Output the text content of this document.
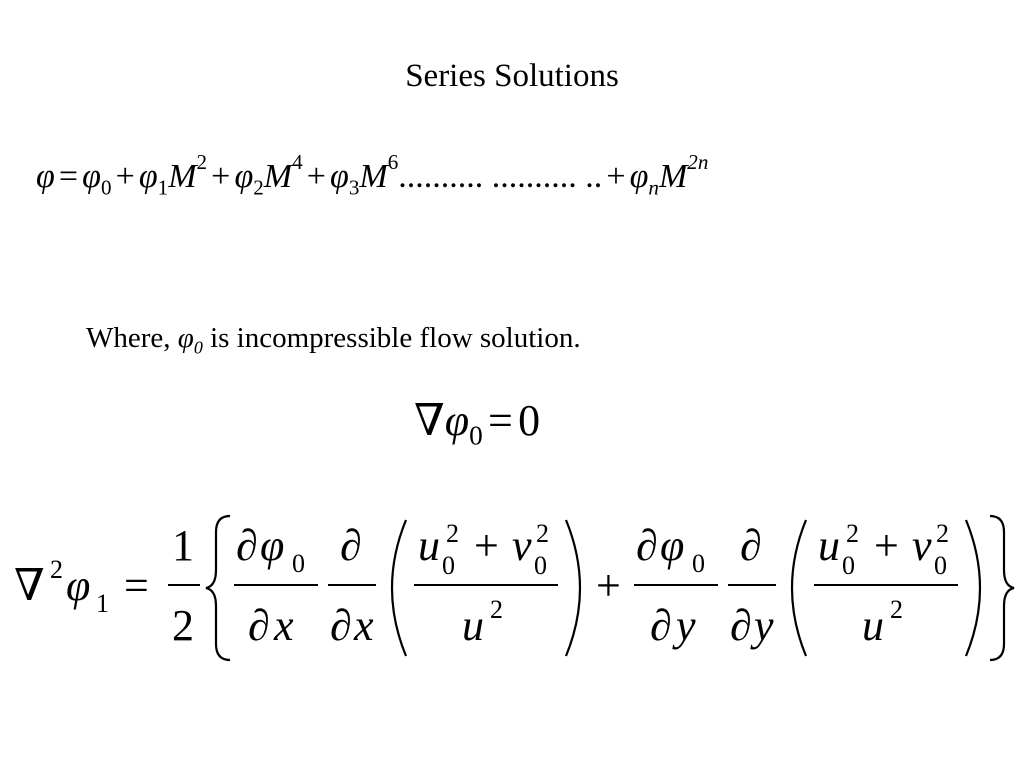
Series Solutions
$\varphi = \varphi_0 + \varphi_1M^2 + \varphi_2M^4 + \varphi_3M^6$.......... .......... .. + $\varphi_nM^{2n}$
Where, $\varphi_0$ is incompressible flow solution.
$\nabla\varphi_0 = 0$
∇ 2 φ 1 =
1
2
∂ φ 0
∂ x
∂
∂ x
u 2
0 + v 2
0
u 2 +
∂ φ 0
∂ y
∂
∂ y
u 2
0 + v 2
0
u 2
